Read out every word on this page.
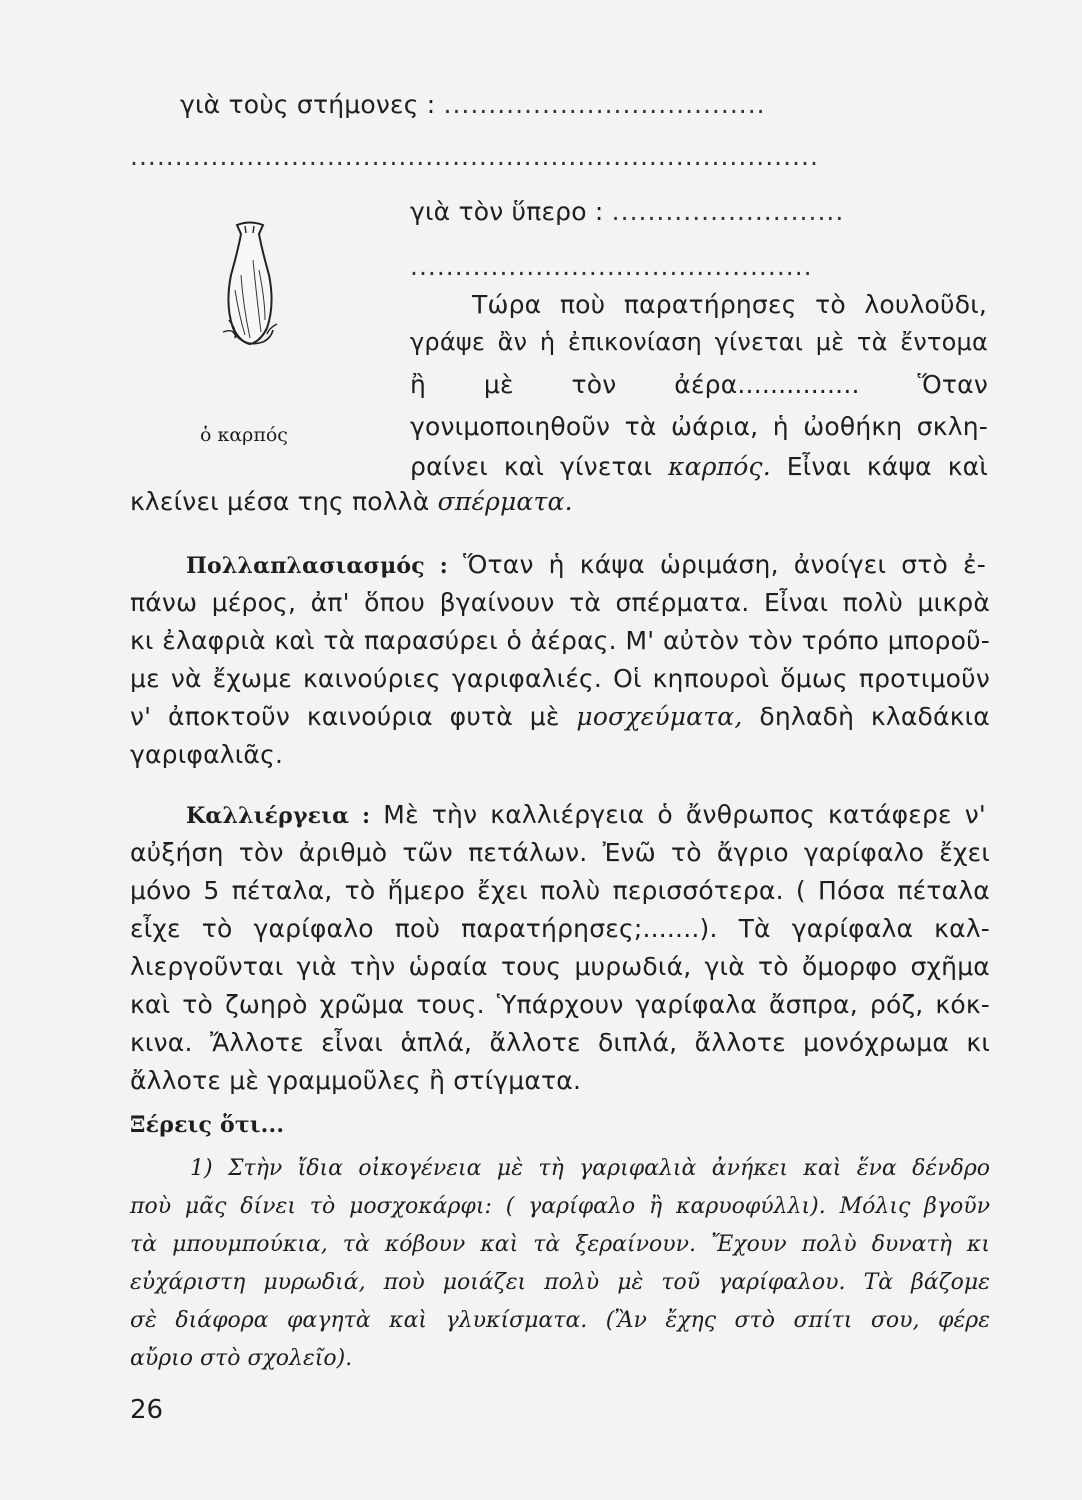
γιὰ τοὺς στήμονες : ....................................
.............................................................................
γιὰ τὸν ὕπερο : ..........................
.............................................
Τώρα ποὺ παρατήρησες τὸ λουλοῦδι,
γράψε ἂν ἡ ἐπικονίαση γίνεται μὲ τὰ ἔντομα
ἢ μὲ τὸν ἀέρα............... Ὅταν
ὁ καρπός	γονιμοποιηθοῦν τὰ ὠάρια, ἡ ὠοθήκη σκλη-
ραίνει καὶ γίνεται καρπός. Εἶναι κάψα καὶ
κλείνει μέσα της πολλὰ σπέρματα.
Πολλαπλασιασμός : Ὅταν ἡ κάψα ὡριμάση, ἀνοίγει στὸ ἐ-
πάνω μέρος, ἀπ' ὅπου βγαίνουν τὰ σπέρματα. Εἶναι πολὺ μικρὰ
κι ἐλαφριὰ καὶ τὰ παρασύρει ὁ ἀέρας. Μ' αὐτὸν τὸν τρόπο μποροῦ-
με νὰ ἔχωμε καινούριες γαριφαλιές. Οἱ κηπουροὶ ὅμως προτιμοῦν
ν' ἀποκτοῦν καινούρια φυτὰ μὲ μοσχεύματα, δηλαδὴ κλαδάκια
γαριφαλιᾶς.
Καλλιέργεια : Μὲ τὴν καλλιέργεια ὁ ἄνθρωπος κατάφερε ν'
αὐξήση τὸν ἀριθμὸ τῶν πετάλων. Ἐνῶ τὸ ἄγριο γαρίφαλο ἔχει
μόνο 5 πέταλα, τὸ ἥμερο ἔχει πολὺ περισσότερα. ( Πόσα πέταλα
εἶχε τὸ γαρίφαλο ποὺ παρατήρησες;.......). Τὰ γαρίφαλα καλ-
λιεργοῦνται γιὰ τὴν ὡραία τους μυρωδιά, γιὰ τὸ ὄμορφο σχῆμα
καὶ τὸ ζωηρὸ χρῶμα τους. Ὑπάρχουν γαρίφαλα ἄσπρα, ρόζ, κόκ-
κινα. Ἄλλοτε εἶναι ἁπλά, ἄλλοτε διπλά, ἄλλοτε μονόχρωμα κι
ἄλλοτε μὲ γραμμοῦλες ἢ στίγματα.
Ξέρεις ὅτι...
1) Στὴν ἴδια οἰκογένεια μὲ τὴ γαριφαλιὰ ἀνήκει καὶ ἕνα δένδρο
ποὺ μᾶς δίνει τὸ μοσχοκάρφι: ( γαρίφαλο ἢ καρυοφύλλι). Μόλις βγοῦν
τὰ μπουμπούκια, τὰ κόβουν καὶ τὰ ξεραίνουν. Ἔχουν πολὺ δυνατὴ κι
εὐχάριστη μυρωδιά, ποὺ μοιάζει πολὺ μὲ τοῦ γαρίφαλου. Τὰ βάζομε
σὲ διάφορα φαγητὰ καὶ γλυκίσματα. (Ἂν ἔχης στὸ σπίτι σου, φέρε
αὔριο στὸ σχολεῖο).
26
